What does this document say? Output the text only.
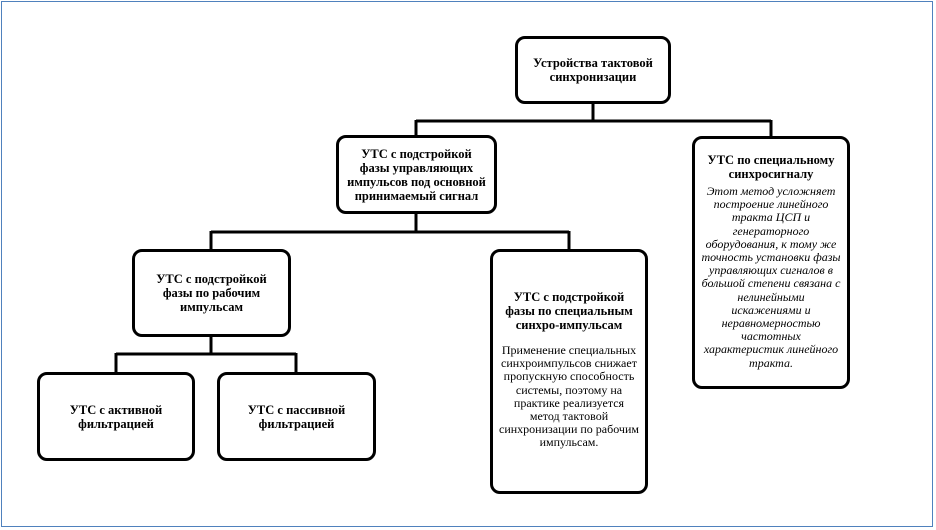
Устройства тактовой синхронизации
УТС с подстройкой фазы управляющих импульсов под основной принимаемый сигнал
УТС по специальному синхросигналу
Этот метод усложняет построение линейного тракта ЦСП и генераторного оборудования, к тому же точность установки фазы управляющих сигналов в большой степени связана с нелинейными искажениями и неравномерностью частотных характеристик линейного тракта.
УТС с подстройкой фазы по рабочим импульсам
УТС с подстройкой фазы по специальным синхро-импульсам
Применение специальных синхроимпульсов снижает пропускную способность системы, поэтому на практике реализуется метод тактовой синхронизации по рабочим импульсам.
УТС с активной фильтрацией
УТС с пассивной фильтрацией
